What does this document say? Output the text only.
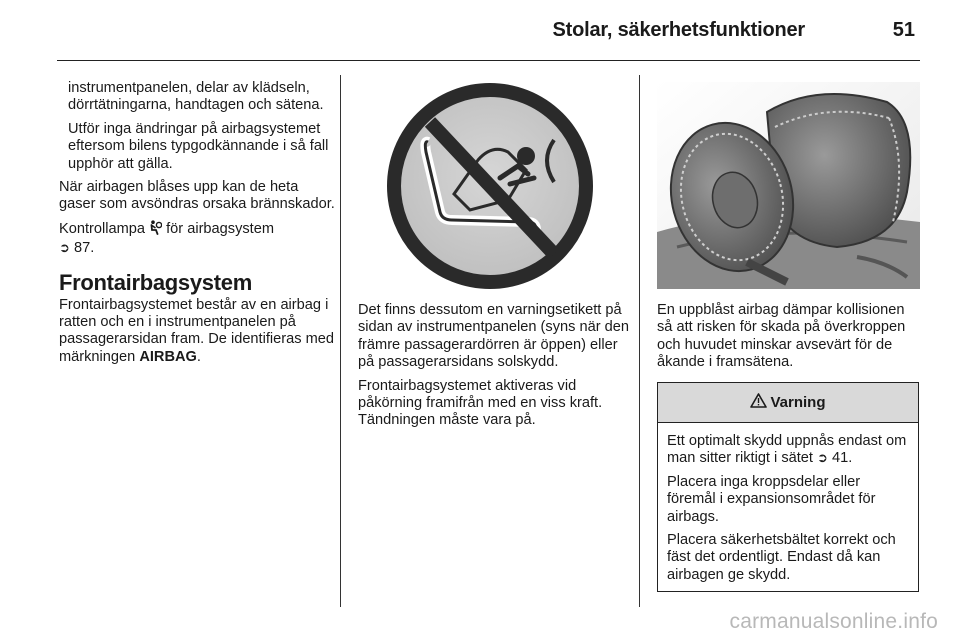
Stolar, säkerhetsfunktioner	51
instrumentpanelen, delar av klädseln, dörrtätningarna, handtagen och sätena.
Utför inga ändringar på airbagsystemet eftersom bilens typgodkännande i så fall upphör att gälla.
När airbagen blåses upp kan de heta gaser som avsöndras orsaka brännskador.
Kontrollampa för airbagsystem
➲ 87.
Frontairbagsystem
Frontairbagsystemet består av en airbag i ratten och en i instrumentpanelen på passagerarsidan fram. De identifieras med märkningen AIRBAG.
Det finns dessutom en varningsetikett på sidan av instrumentpanelen (syns när den främre passagerardörren är öppen) eller på passagerarsidans solskydd.
Frontairbagsystemet aktiveras vid påkörning framifrån med en viss kraft. Tändningen måste vara på.
En uppblåst airbag dämpar kollisionen så att risken för skada på överkroppen och huvudet minskar avsevärt för de åkande i framsätena.
Varning
Ett optimalt skydd uppnås endast om man sitter riktigt i sätet ➲ 41.
Placera inga kroppsdelar eller föremål i expansionsområdet för airbags.
Placera säkerhetsbältet korrekt och fäst det ordentligt. Endast då kan airbagen ge skydd.
carmanualsonline.info
